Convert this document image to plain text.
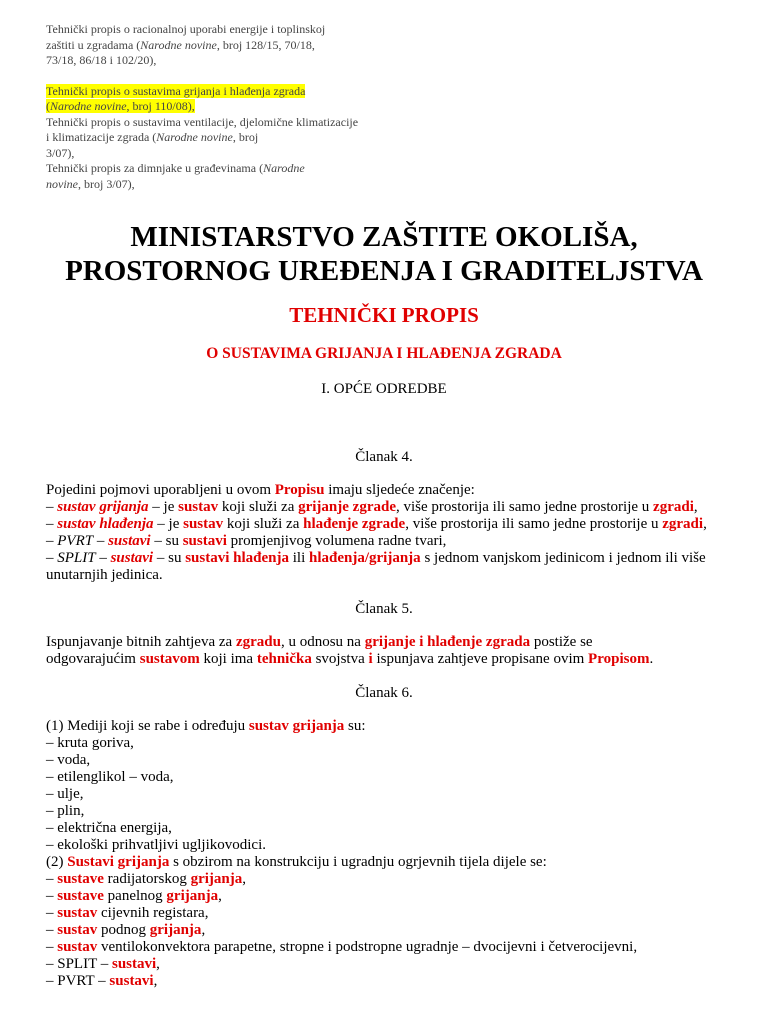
Tehnički propis o racionalnoj uporabi energije i toplinskoj
zaštiti u zgradama (Narodne novine, broj 128/15, 70/18,
73/18, 86/18 i 102/20),
Tehnički propis o sustavima grijanja i hlađenja zgrada
(Narodne novine, broj 110/08),
Tehnički propis o sustavima ventilacije, djelomične klimatizacije
i klimatizacije zgrada (Narodne novine, broj
3/07),
Tehnički propis za dimnjake u građevinama (Narodne
novine, broj 3/07),
MINISTARSTVO ZAŠTITE OKOLIŠA,
PROSTORNOG UREĐENJA I GRADITELJSTVA
TEHNIČKI PROPIS
O SUSTAVIMA GRIJANJA I HLAĐENJA ZGRADA
I. OPĆE ODREDBE
Članak 4.
Pojedini pojmovi uporabljeni u ovom Propisu imaju sljedeće značenje:
– sustav grijanja – je sustav koji služi za grijanje zgrade, više prostorija ili samo jedne prostorije u zgradi,
– sustav hlađenja – je sustav koji služi za hlađenje zgrade, više prostorija ili samo jedne prostorije u zgradi,
– PVRT – sustavi – su sustavi promjenjivog volumena radne tvari,
– SPLIT – sustavi – su sustavi hlađenja ili hlađenja/grijanja s jednom vanjskom jedinicom i jednom ili više
unutarnjih jedinica.
Članak 5.
Ispunjavanje bitnih zahtjeva za zgradu, u odnosu na grijanje i hlađenje zgrada postiže se
odgovarajućim sustavom koji ima tehnička svojstva i ispunjava zahtjeve propisane ovim Propisom.
Članak 6.
(1) Mediji koji se rabe i određuju sustav grijanja su:
– kruta goriva,
– voda,
– etilenglikol – voda,
– ulje,
– plin,
– električna energija,
– ekološki prihvatljivi ugljikovodici.
(2) Sustavi grijanja s obzirom na konstrukciju i ugradnju ogrjevnih tijela dijele se:
– sustave radijatorskog grijanja,
– sustave panelnog grijanja,
– sustav cijevnih registara,
– sustav podnog grijanja,
– sustav ventilokonvektora parapetne, stropne i podstropne ugradnje – dvocijevni i četverocijevni,
– SPLIT – sustavi,
– PVRT – sustavi,
